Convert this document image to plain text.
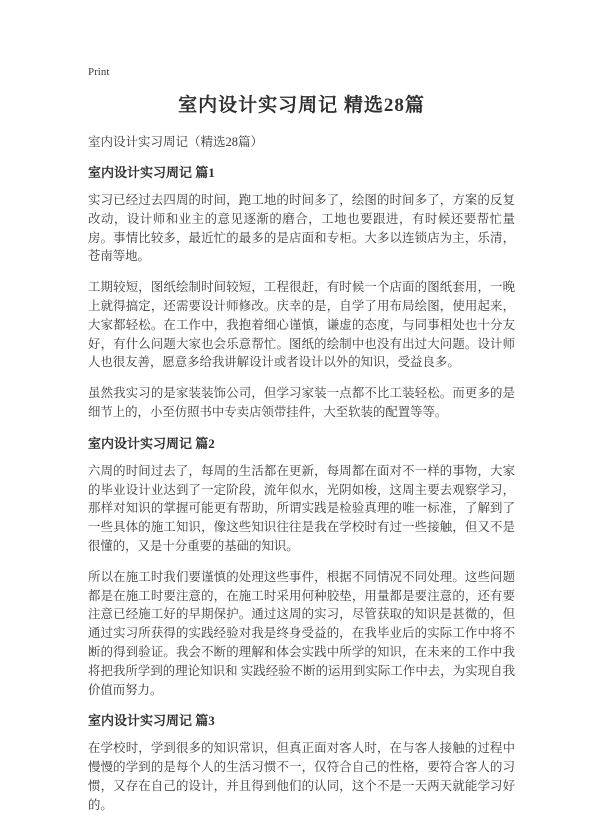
Print
室内设计实习周记 精选28篇
室内设计实习周记（精选28篇）
室内设计实习周记 篇1

实习已经过去四周的时间，跑工地的时间多了，绘图的时间多了，方案的反复改动，设计师和业主的意见逐渐的磨合，工地也要跟进，有时候还要帮忙量房。事情比较多，最近忙的最多的是店面和专柜。大多以连锁店为主，乐清，苍南等地。

工期较短，图纸绘制时间较短，工程很赶，有时候一个店面的图纸套用，一晚上就得搞定，还需要设计师修改。庆幸的是，自学了用布局绘图，使用起来，大家都轻松。在工作中，我抱着细心谨慎，谦虚的态度，与同事相处也十分友好，有什么问题大家也会乐意帮忙。图纸的绘制中也没有出过大问题。设计师人也很友善，愿意多给我讲解设计或者设计以外的知识，受益良多。

虽然我实习的是家装装饰公司，但学习家装一点都不比工装轻松。而更多的是细节上的，小至仿照书中专卖店领带挂件，大至软装的配置等等。

室内设计实习周记 篇2

六周的时间过去了，每周的生活都在更新，每周都在面对不一样的事物，大家的毕业设计业达到了一定阶段，流年似水，光阴如梭，这周主要去观察学习，那样对知识的掌握可能更有帮助，所谓实践是检验真理的唯一标准，了解到了一些具体的施工知识，像这些知识往往是我在学校时有过一些接触，但又不是很懂的，又是十分重要的基础的知识。

所以在施工时我们要谨慎的处理这些事件，根据不同情况不同处理。这些问题都是在施工时要注意的，在施工时采用何种胶垫，用量都是要注意的，还有要注意已经施工好的早期保护。通过这周的实习，尽管获取的知识是甚微的，但通过实习所获得的实践经验对我是终身受益的，在我毕业后的实际工作中将不断的得到验证。我会不断的理解和体会实践中所学的知识，在未来的工作中我将把我所学到的理论知识和 实践经验不断的运用到实际工作中去，为实现自我价值而努力。

室内设计实习周记 篇3

在学校时，学到很多的知识常识，但真正面对客人时，在与客人接触的过程中慢慢的学到的是每个人的生活习惯不一，仅符合自己的性格，要符合客人的习惯，又存在自己的设计，并且得到他们的认同，这个不是一天两天就能学习好的。
